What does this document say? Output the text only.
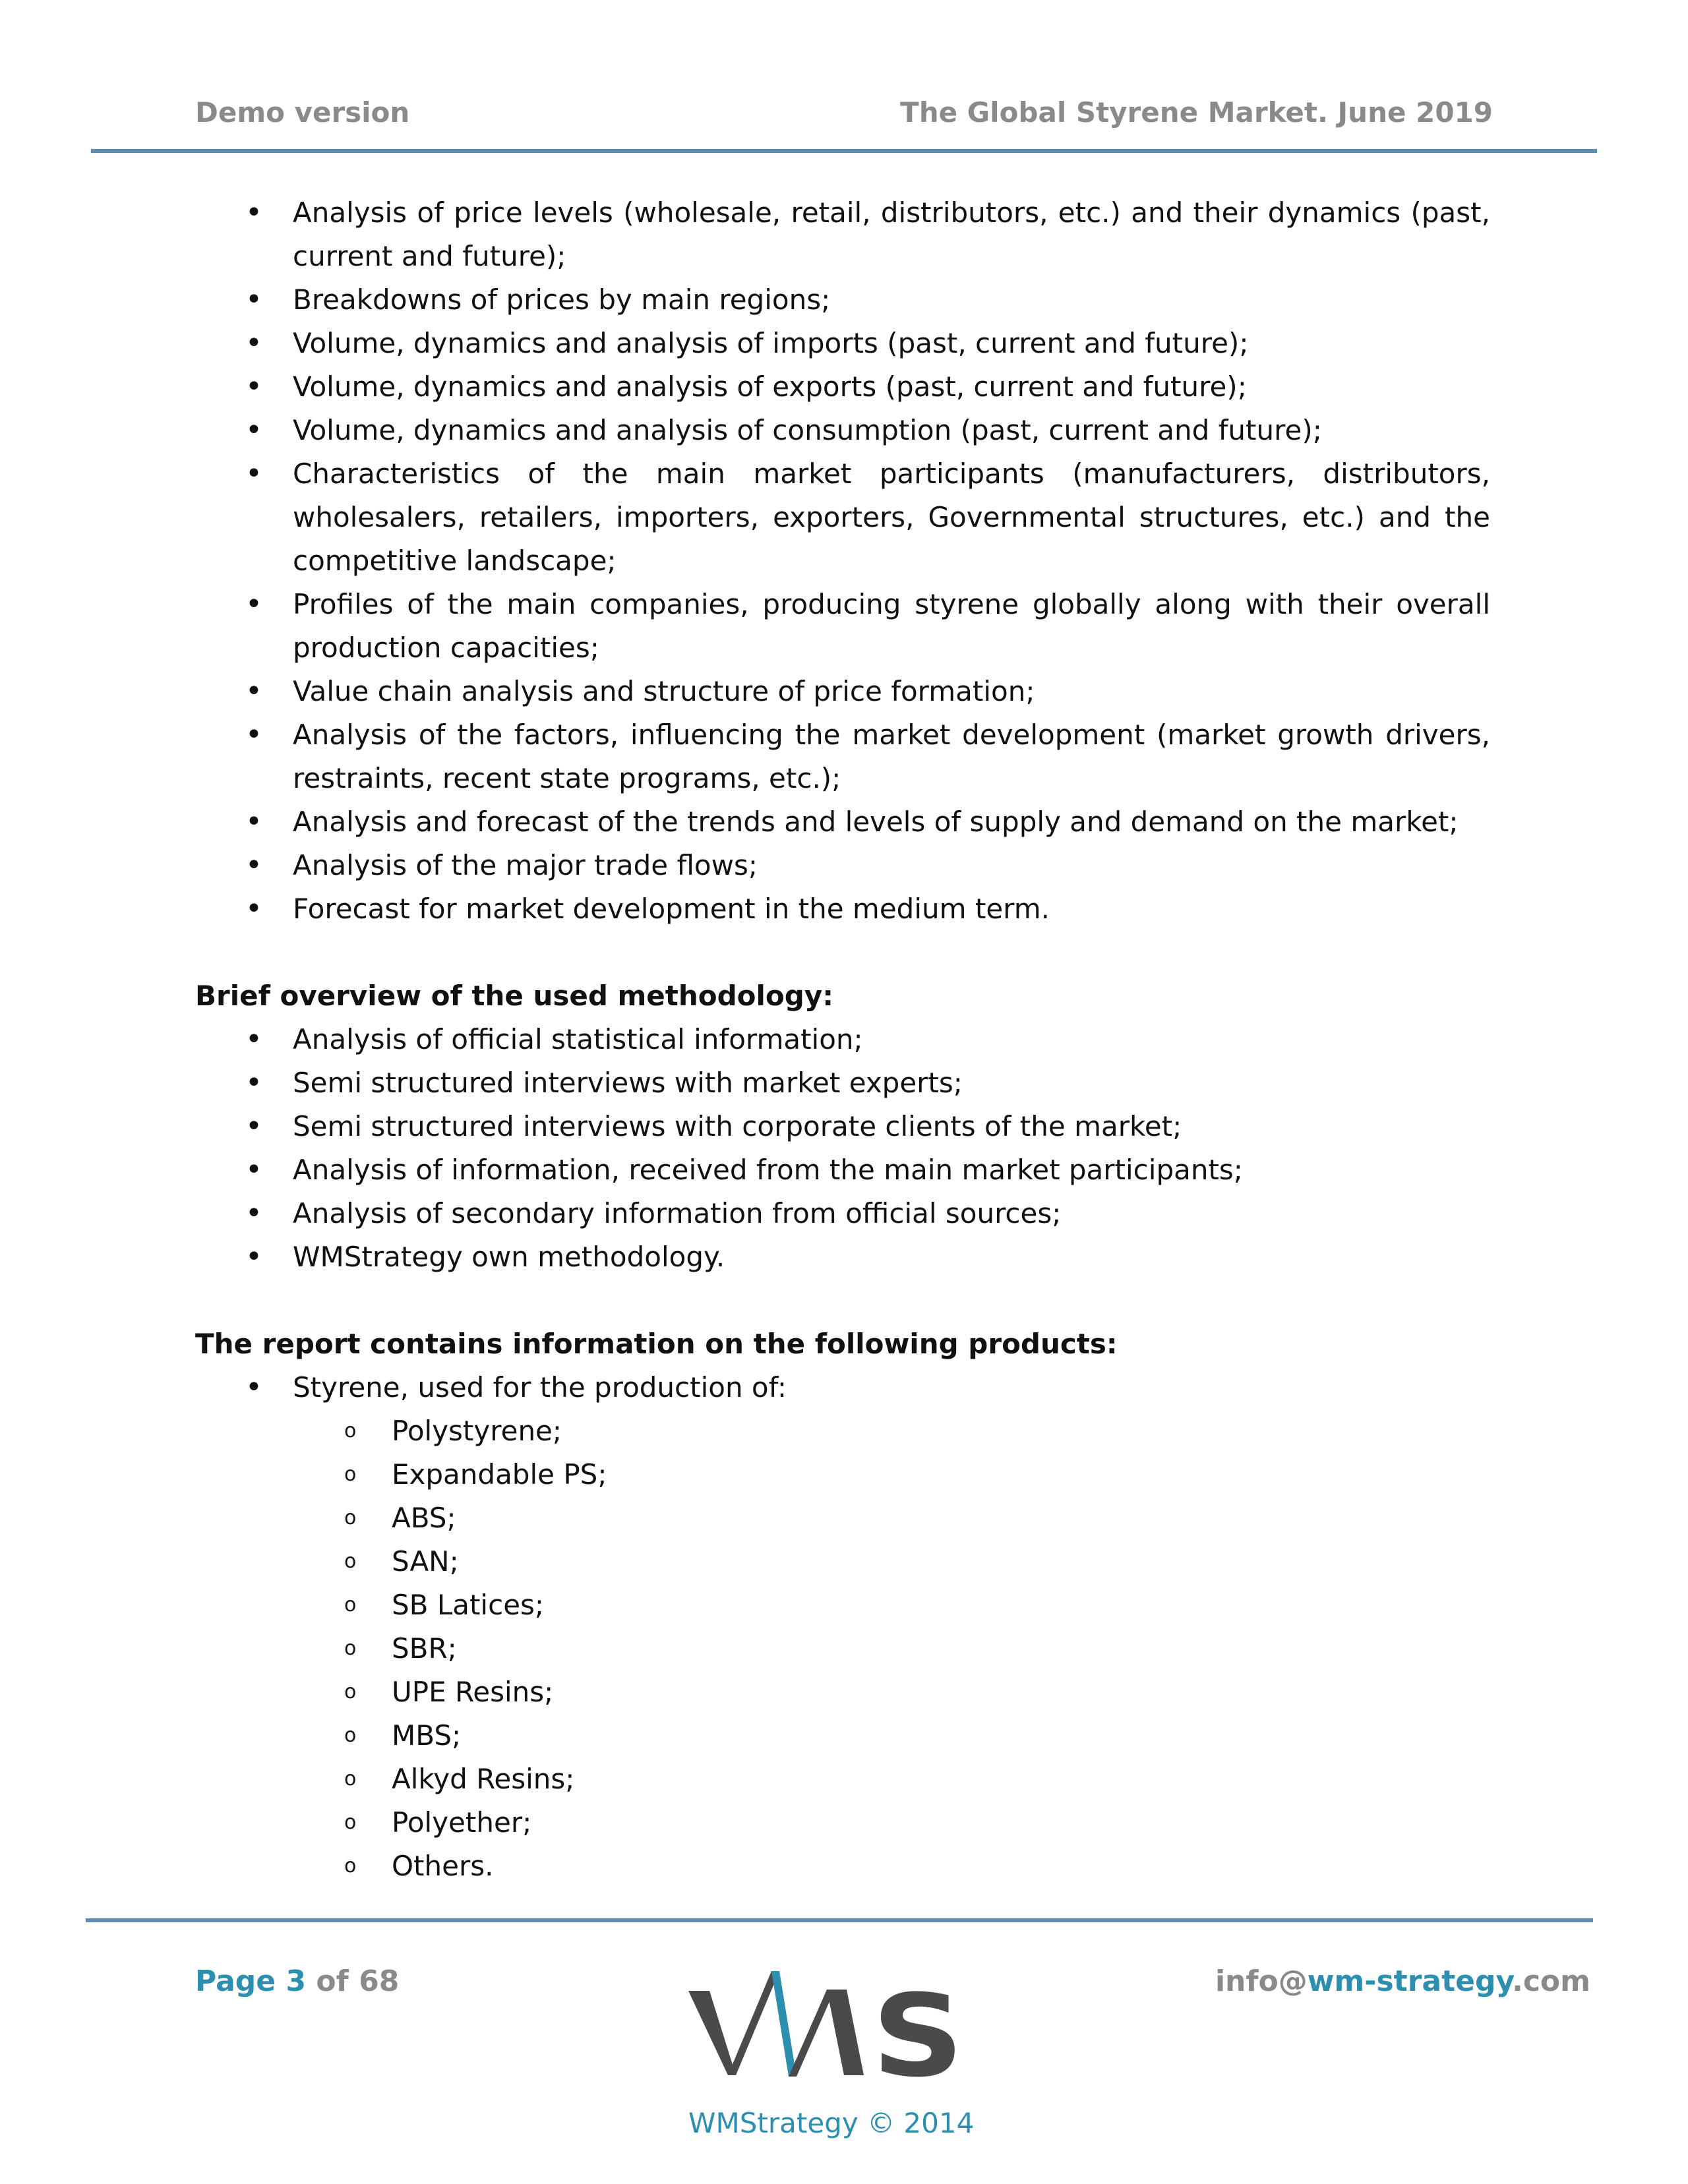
Demo version	The Global Styrene Market. June 2019
• Analysis of price levels (wholesale, retail, distributors, etc.) and their dynamics (past, current and future);
• Breakdowns of prices by main regions;
• Volume, dynamics and analysis of imports (past, current and future);
• Volume, dynamics and analysis of exports (past, current and future);
• Volume, dynamics and analysis of consumption (past, current and future);
• Characteristics of the main market participants (manufacturers, distributors, wholesalers, retailers, importers, exporters, Governmental structures, etc.) and the competitive landscape;
• Profiles of the main companies, producing styrene globally along with their overall production capacities;
• Value chain analysis and structure of price formation;
• Analysis of the factors, influencing the market development (market growth drivers, restraints, recent state programs, etc.);
• Analysis and forecast of the trends and levels of supply and demand on the market;
• Analysis of the major trade flows;
• Forecast for market development in the medium term.
Brief overview of the used methodology:
• Analysis of official statistical information;
• Semi structured interviews with market experts;
• Semi structured interviews with corporate clients of the market;
• Analysis of information, received from the main market participants;
• Analysis of secondary information from official sources;
• WMStrategy own methodology.
The report contains information on the following products:
• Styrene, used for the production of:
o Polystyrene;
o Expandable PS;
o ABS;
o SAN;
o SB Latices;
o SBR;
o UPE Resins;
o MBS;
o Alkyd Resins;
o Polyether;
o Others.
Page 3 of 68	info@wm-strategy.com
S
WMStrategy © 2014
